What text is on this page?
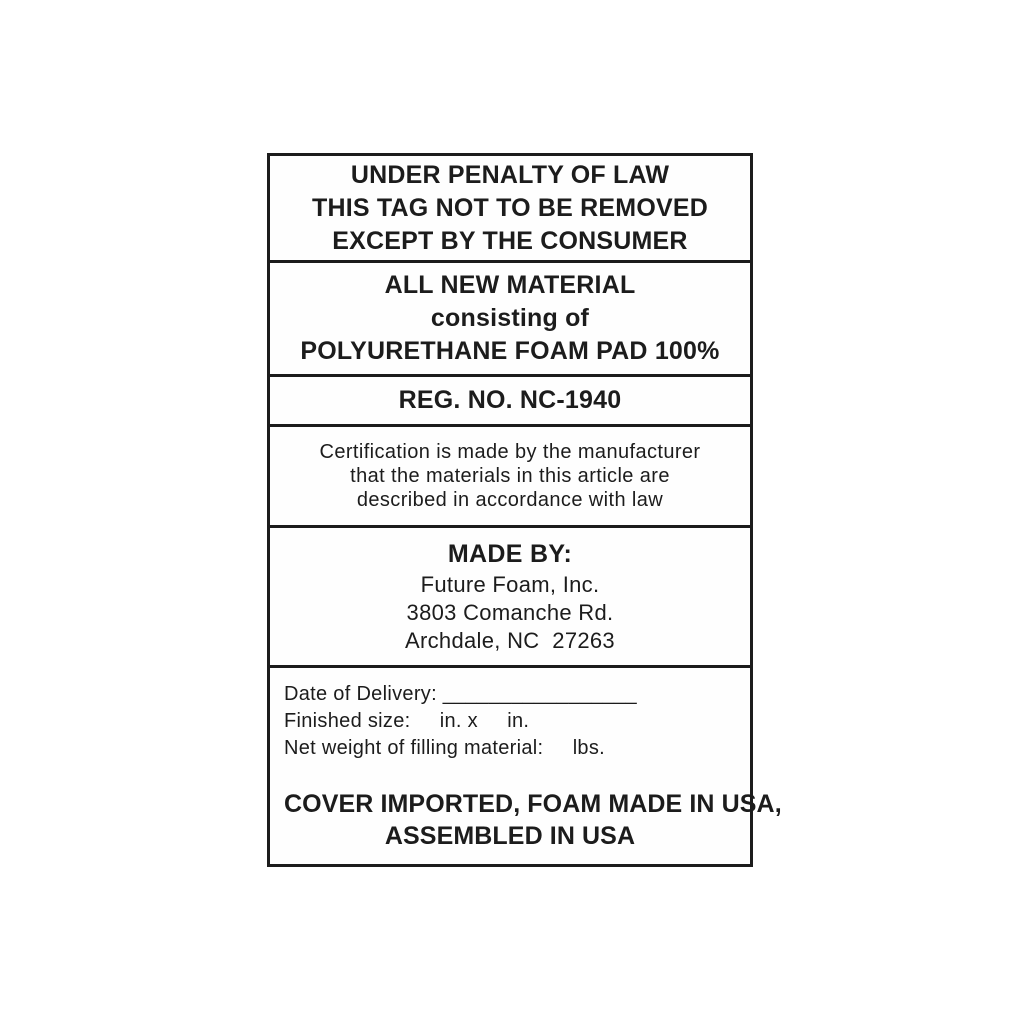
UNDER PENALTY OF LAW
THIS TAG NOT TO BE REMOVED
EXCEPT BY THE CONSUMER
ALL NEW MATERIAL
consisting of
POLYURETHANE FOAM PAD 100%
REG. NO. NC-1940
Certification is made by the manufacturer
that the materials in this article are
described in accordance with law
MADE BY:
Future Foam, Inc.
3803 Comanche Rd.
Archdale, NC  27263
Date of Delivery: _________________
Finished size:     in. x     in.
Net weight of filling material:     lbs.
COVER IMPORTED, FOAM MADE IN USA,
ASSEMBLED IN USA
